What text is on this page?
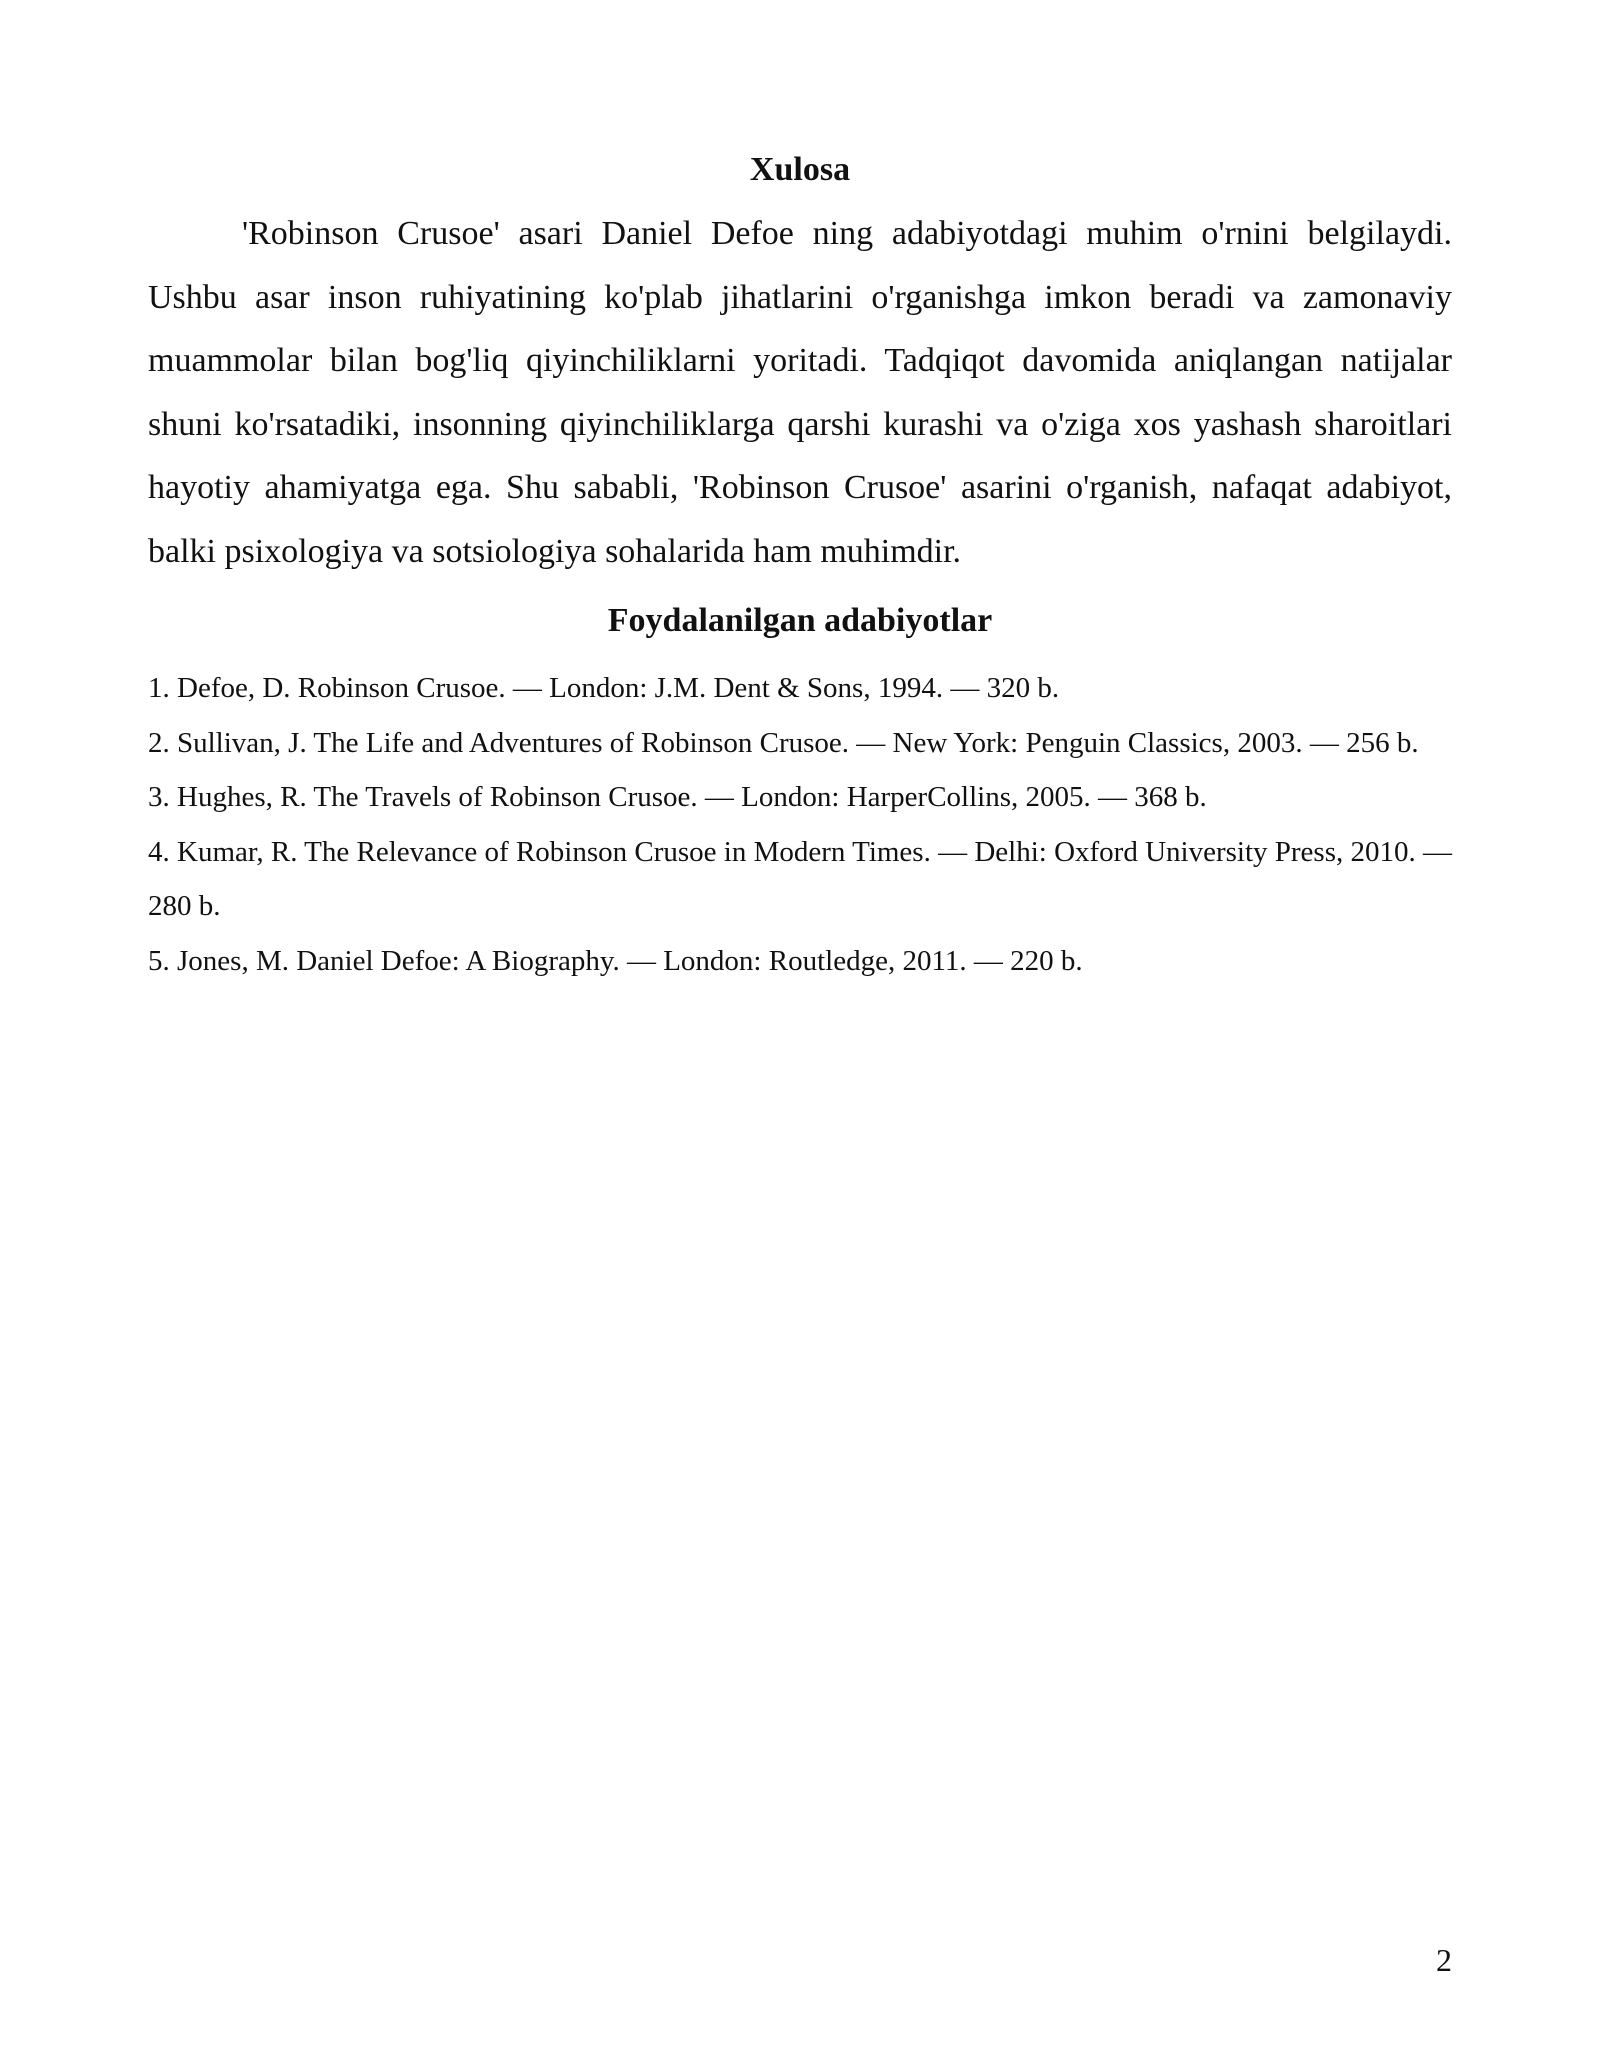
Xulosa

'Robinson Crusoe' asari Daniel Defoe ning adabiyotdagi muhim o'rnini belgilaydi. Ushbu asar inson ruhiyatining ko'plab jihatlarini o'rganishga imkon beradi va zamonaviy muammolar bilan bog'liq qiyinchiliklarni yoritadi. Tadqiqot davomida aniqlangan natijalar shuni ko'rsatadiki, insonning qiyinchiliklarga qarshi kurashi va o'ziga xos yashash sharoitlari hayotiy ahamiyatga ega. Shu sababli, 'Robinson Crusoe' asarini o'rganish, nafaqat adabiyot, balki psixologiya va sotsiologiya sohalarida ham muhimdir.

Foydalanilgan adabiyotlar
1. Defoe, D. Robinson Crusoe. — London: J.M. Dent & Sons, 1994. — 320 b.
2. Sullivan, J. The Life and Adventures of Robinson Crusoe. — New York: Penguin Classics, 2003. — 256 b.
3. Hughes, R. The Travels of Robinson Crusoe. — London: HarperCollins, 2005. — 368 b.
4. Kumar, R. The Relevance of Robinson Crusoe in Modern Times. — Delhi: Oxford University Press, 2010. — 280 b.
5. Jones, M. Daniel Defoe: A Biography. — London: Routledge, 2011. — 220 b.
2
